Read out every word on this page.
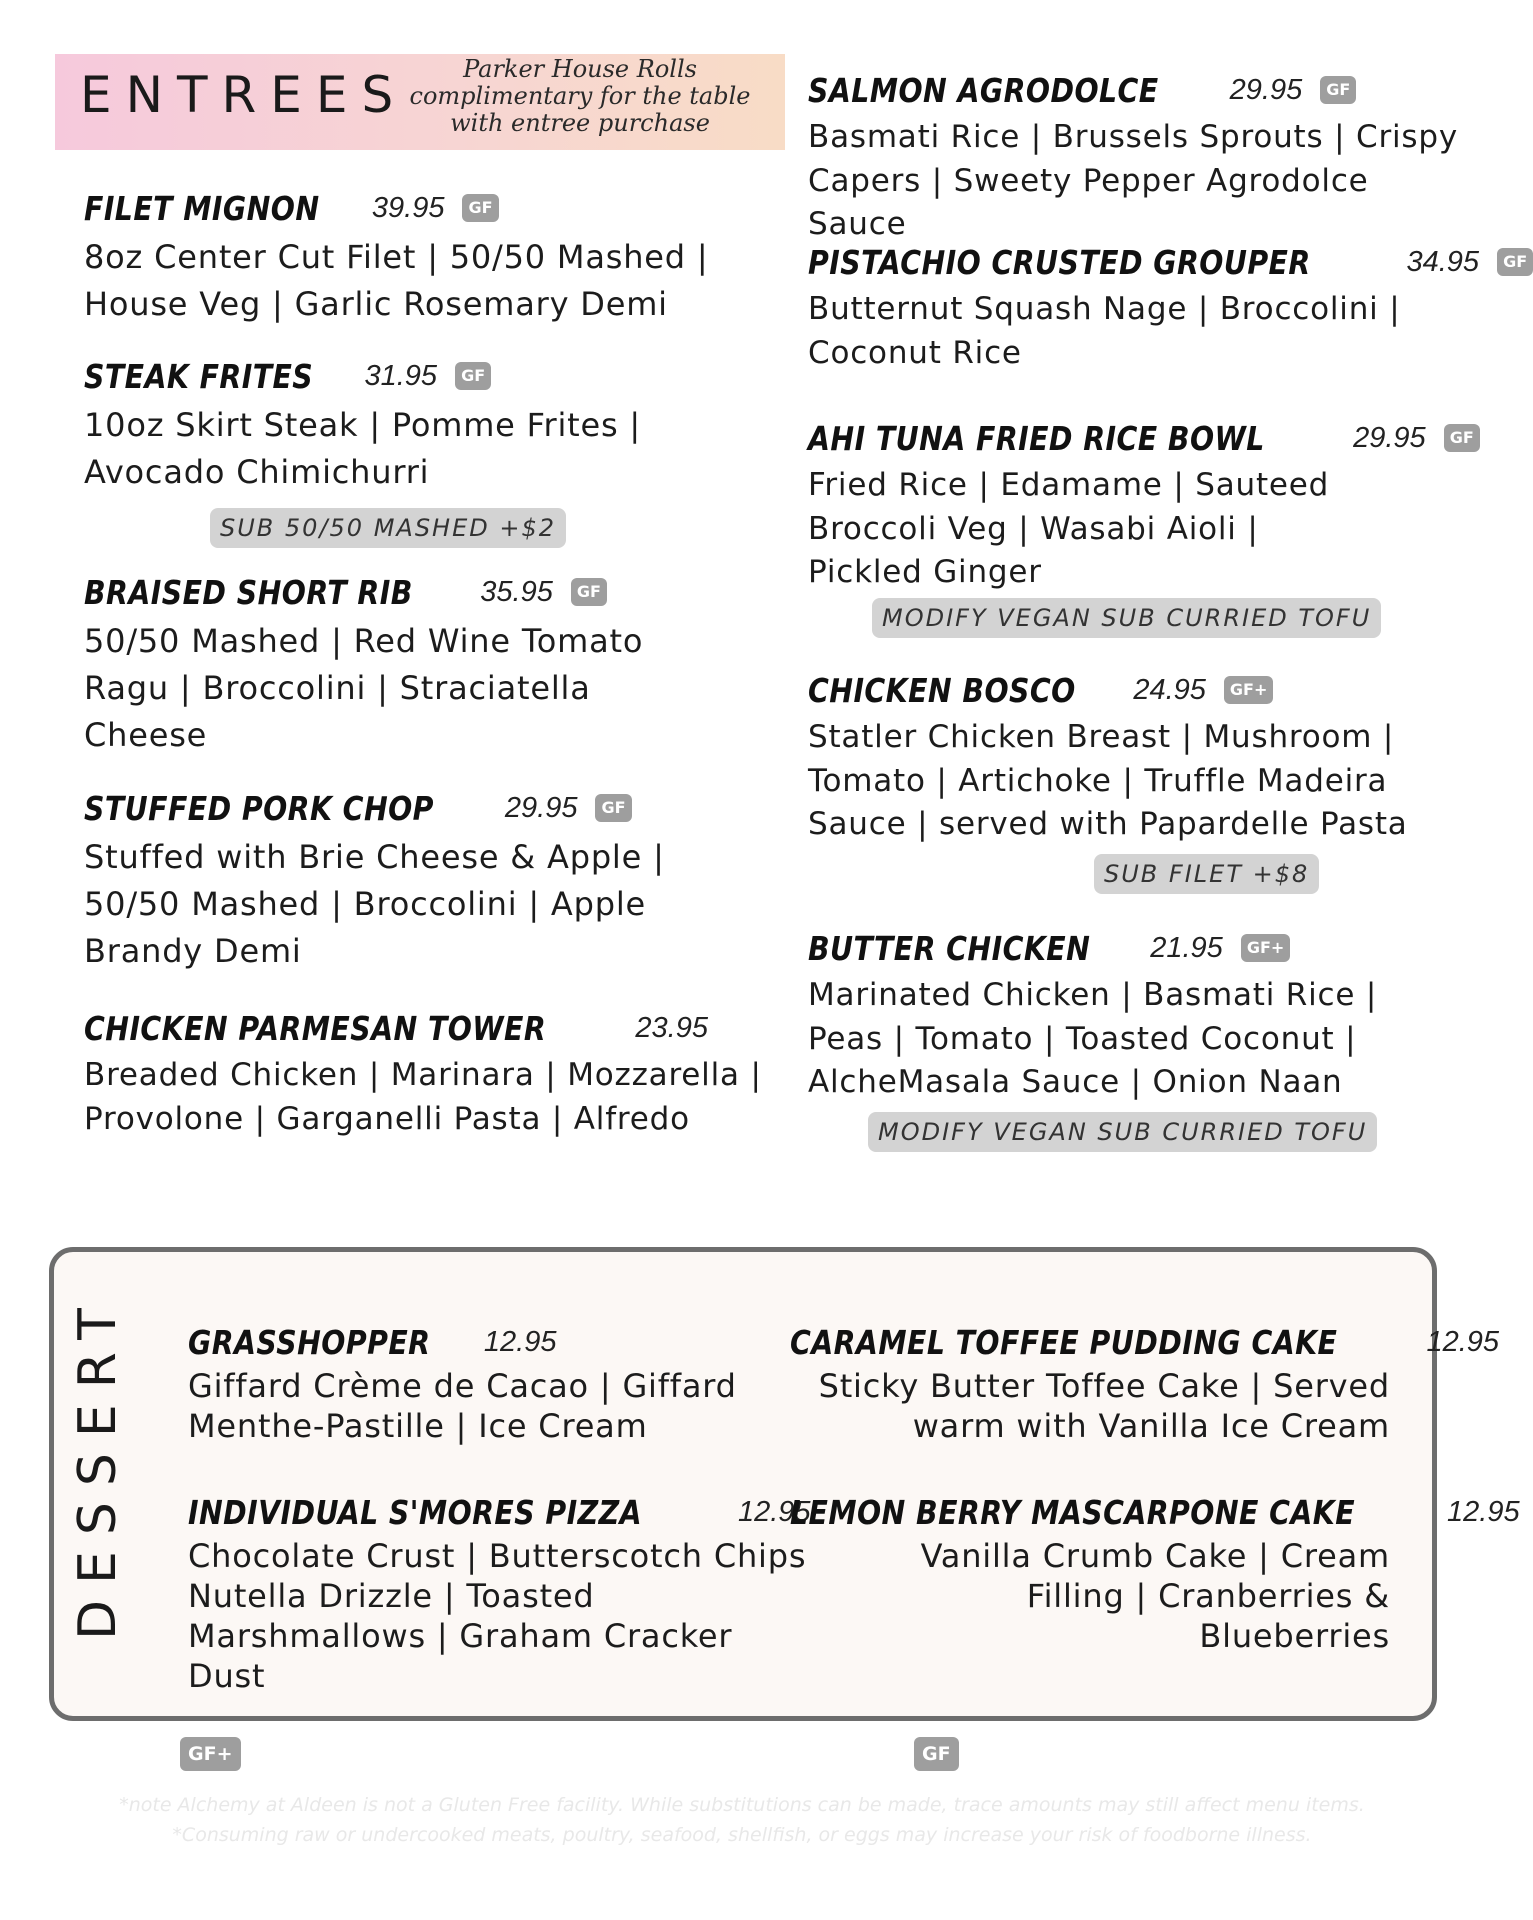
ENTREES	Parker House Rolls complimentary for the table with entree purchase
FILET MIGNON 39.95	GF
8oz Center Cut Filet | 50/50 Mashed | House Veg | Garlic Rosemary Demi
STEAK FRITES 31.95	GF
10oz Skirt Steak | Pomme Frites | Avocado Chimichurri
SUB 50/50 MASHED +$2
BRAISED SHORT RIB 35.95	GF
50/50 Mashed | Red Wine Tomato Ragu | Broccolini | Straciatella Cheese
STUFFED PORK CHOP 29.95	GF
Stuffed with Brie Cheese & Apple | 50/50 Mashed | Broccolini | Apple Brandy Demi
CHICKEN PARMESAN TOWER	23.95
Breaded Chicken | Marinara | Mozzarella | Provolone | Garganelli Pasta | Alfredo
SALMON AGRODOLCE 29.95	GF
Basmati Rice | Brussels Sprouts | Crispy Capers | Sweety Pepper Agrodolce Sauce
PISTACHIO CRUSTED GROUPER	34.95	GF
Butternut Squash Nage | Broccolini | Coconut Rice
AHI TUNA FRIED RICE BOWL	29.95	GF
Fried Rice | Edamame | Sauteed Broccoli Veg | Wasabi Aioli | Pickled Ginger
MODIFY VEGAN SUB CURRIED TOFU
CHICKEN BOSCO 24.95	GF+
Statler Chicken Breast | Mushroom | Tomato | Artichoke | Truffle Madeira Sauce | served with Papardelle Pasta
SUB FILET +$8
BUTTER CHICKEN 21.95	GF+
Marinated Chicken | Basmati Rice | Peas | Tomato | Toasted Coconut | AlcheMasala Sauce | Onion Naan
MODIFY VEGAN SUB CURRIED TOFU
DESSERT GRASSHOPPER 12.95
Giffard Crème de Cacao | Giffard Menthe-Pastille | Ice Cream
CARAMEL TOFFEE PUDDING CAKE	12.95
Sticky Butter Toffee Cake | Served warm with Vanilla Ice Cream
INDIVIDUAL S'MORES PIZZA	12.95
Chocolate Crust | Butterscotch Chips Nutella Drizzle | Toasted Marshmallows | Graham Cracker Dust
LEMON BERRY MASCARPONE CAKE	12.95
Vanilla Crumb Cake | Cream Filling | Cranberries & Blueberries
GF+	GF
*note Alchemy at Aldeen is not a Gluten Free facility. While substitutions can be made, trace amounts may still affect menu items.
*Consuming raw or undercooked meats, poultry, seafood, shellfish, or eggs may increase your risk of foodborne illness.
